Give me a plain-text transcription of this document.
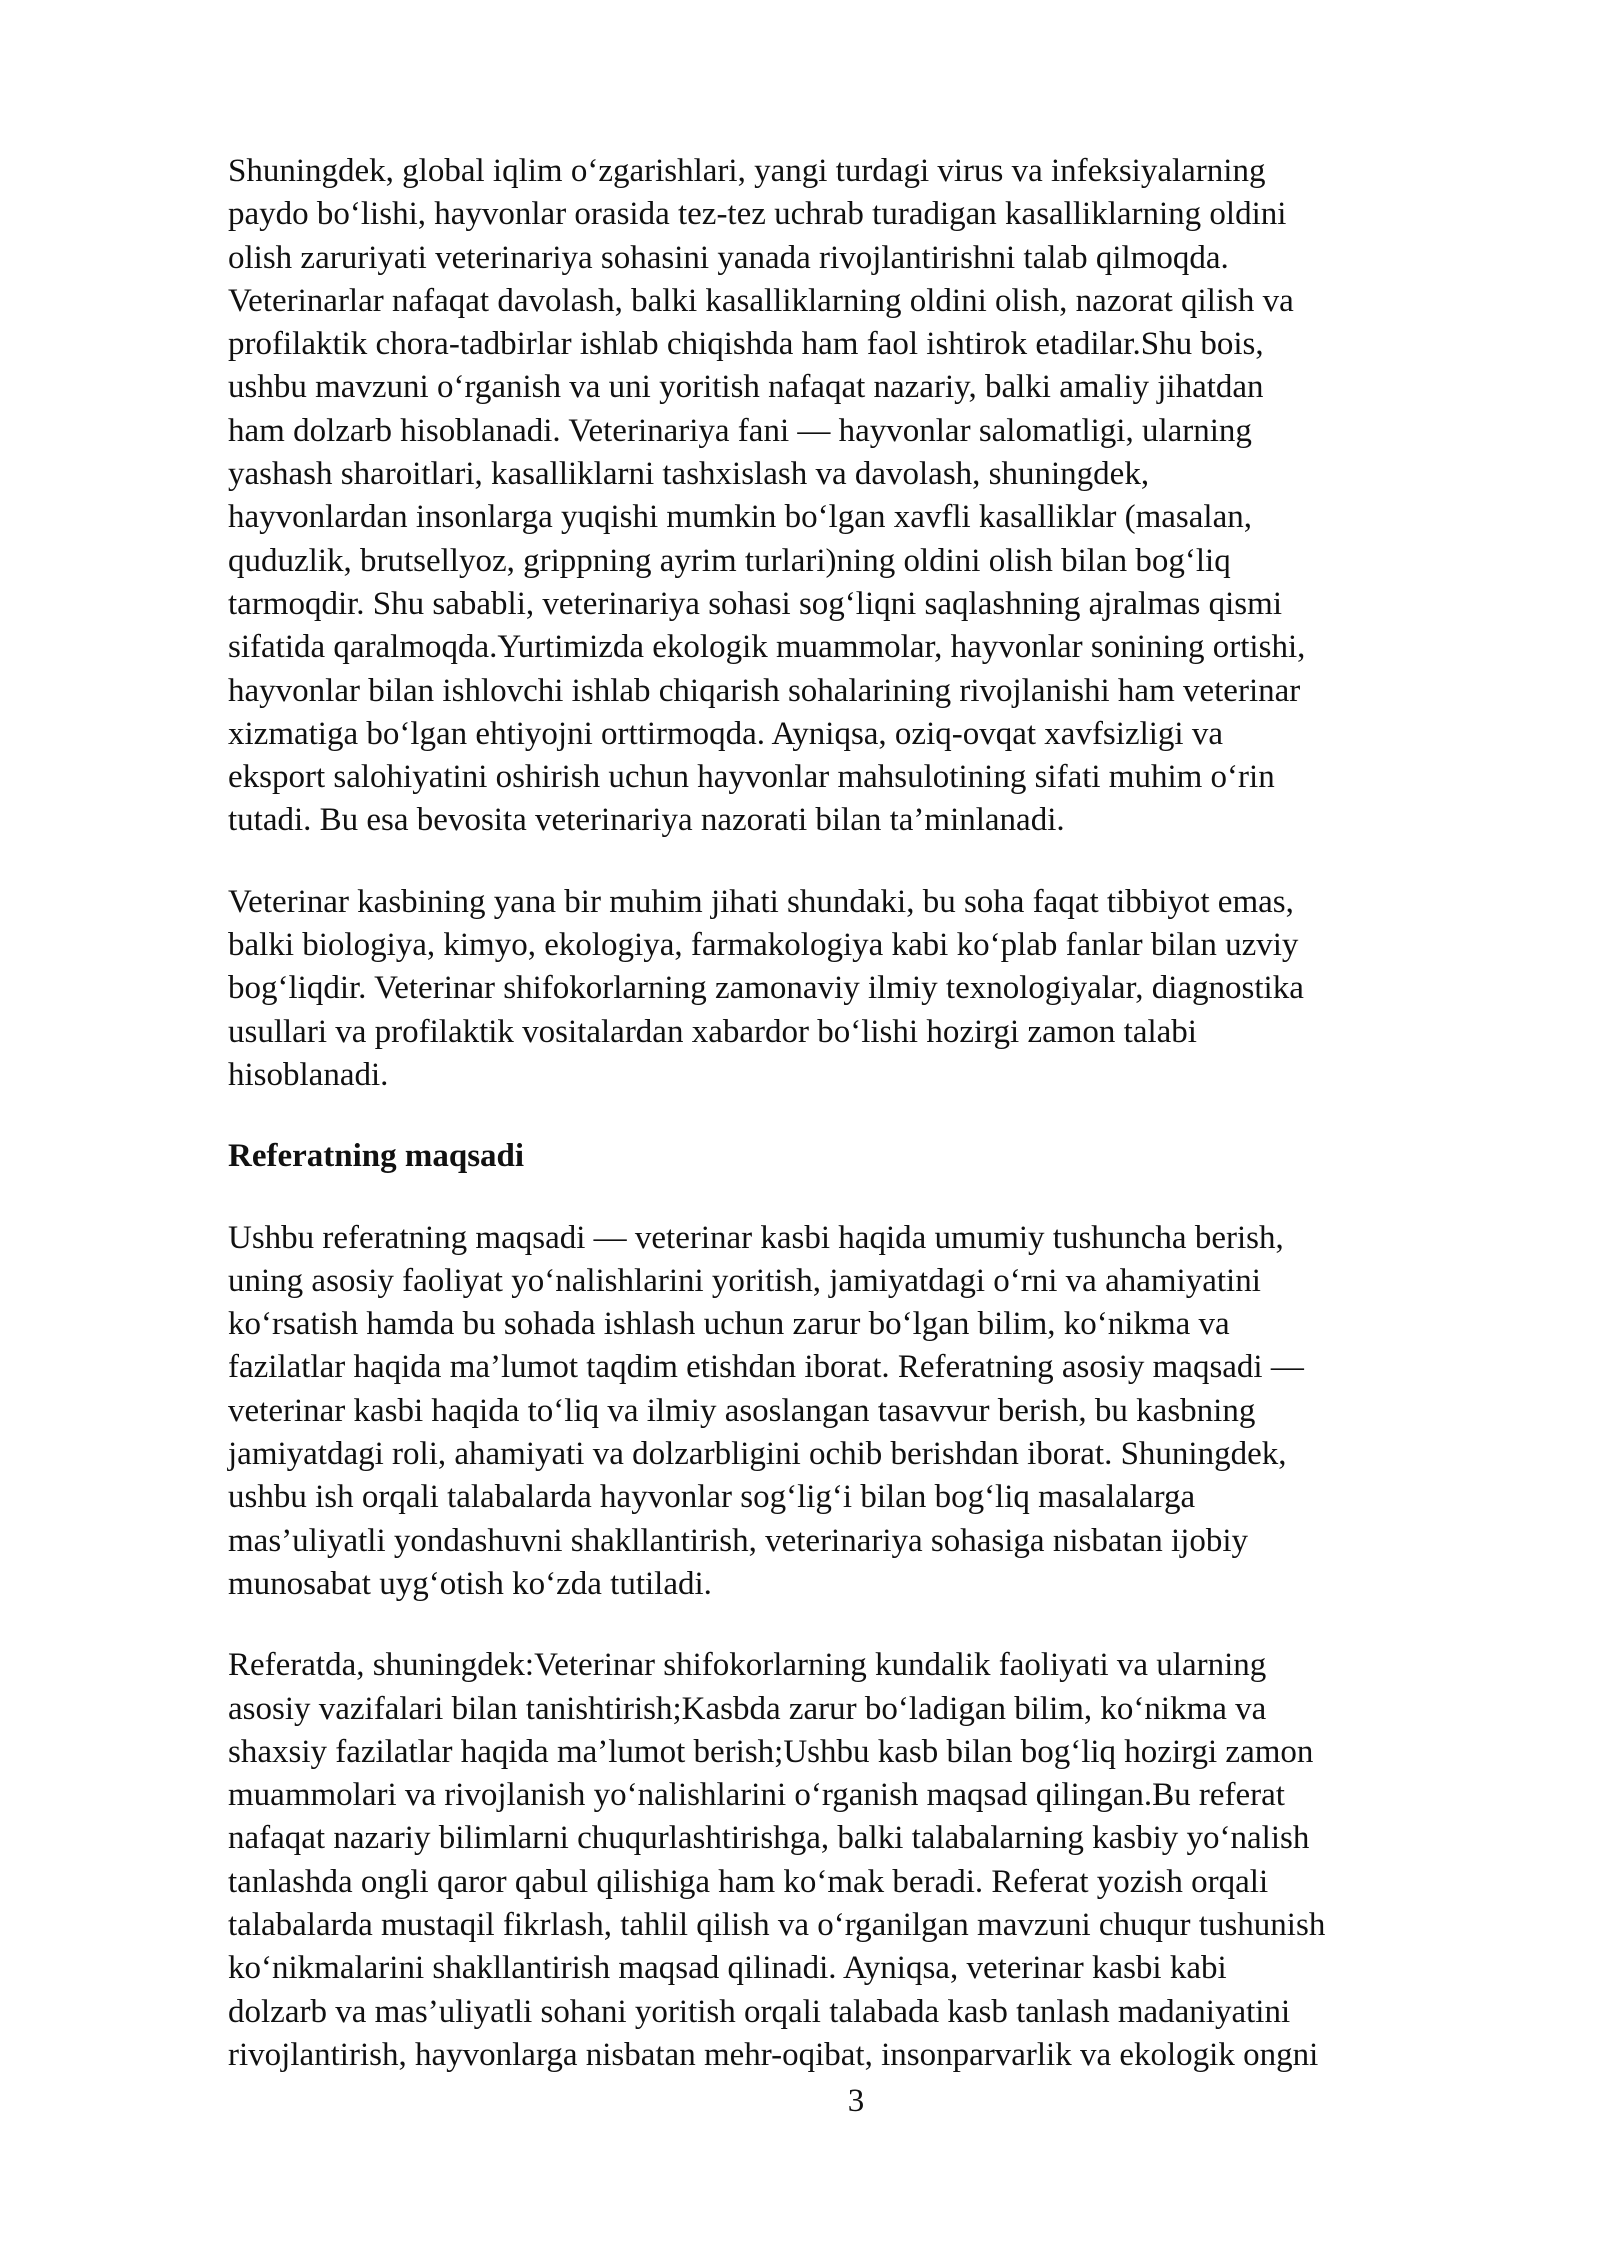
Shuningdek, global iqlim o‘zgarishlari, yangi turdagi virus va infeksiyalarning
paydo bo‘lishi, hayvonlar orasida tez-tez uchrab turadigan kasalliklarning oldini
olish zaruriyati veterinariya sohasini yanada rivojlantirishni talab qilmoqda.
Veterinarlar nafaqat davolash, balki kasalliklarning oldini olish, nazorat qilish va
profilaktik chora-tadbirlar ishlab chiqishda ham faol ishtirok etadilar.Shu bois,
ushbu mavzuni o‘rganish va uni yoritish nafaqat nazariy, balki amaliy jihatdan
ham dolzarb hisoblanadi. Veterinariya fani — hayvonlar salomatligi, ularning
yashash sharoitlari, kasalliklarni tashxislash va davolash, shuningdek,
hayvonlardan insonlarga yuqishi mumkin bo‘lgan xavfli kasalliklar (masalan,
quduzlik, brutsellyoz, grippning ayrim turlari)ning oldini olish bilan bog‘liq
tarmoqdir. Shu sababli, veterinariya sohasi sog‘liqni saqlashning ajralmas qismi
sifatida qaralmoqda.Yurtimizda ekologik muammolar, hayvonlar sonining ortishi,
hayvonlar bilan ishlovchi ishlab chiqarish sohalarining rivojlanishi ham veterinar
xizmatiga bo‘lgan ehtiyojni orttirmoqda. Ayniqsa, oziq-ovqat xavfsizligi va
eksport salohiyatini oshirish uchun hayvonlar mahsulotining sifati muhim o‘rin
tutadi. Bu esa bevosita veterinariya nazorati bilan ta’minlanadi.

Veterinar kasbining yana bir muhim jihati shundaki, bu soha faqat tibbiyot emas,
balki biologiya, kimyo, ekologiya, farmakologiya kabi ko‘plab fanlar bilan uzviy
bog‘liqdir. Veterinar shifokorlarning zamonaviy ilmiy texnologiyalar, diagnostika
usullari va profilaktik vositalardan xabardor bo‘lishi hozirgi zamon talabi
hisoblanadi.

Referatning maqsadi

Ushbu referatning maqsadi — veterinar kasbi haqida umumiy tushuncha berish,
uning asosiy faoliyat yo‘nalishlarini yoritish, jamiyatdagi o‘rni va ahamiyatini
ko‘rsatish hamda bu sohada ishlash uchun zarur bo‘lgan bilim, ko‘nikma va
fazilatlar haqida ma’lumot taqdim etishdan iborat. Referatning asosiy maqsadi —
veterinar kasbi haqida to‘liq va ilmiy asoslangan tasavvur berish, bu kasbning
jamiyatdagi roli, ahamiyati va dolzarbligini ochib berishdan iborat. Shuningdek,
ushbu ish orqali talabalarda hayvonlar sog‘lig‘i bilan bog‘liq masalalarga
mas’uliyatli yondashuvni shakllantirish, veterinariya sohasiga nisbatan ijobiy
munosabat uyg‘otish ko‘zda tutiladi.

Referatda, shuningdek:Veterinar shifokorlarning kundalik faoliyati va ularning
asosiy vazifalari bilan tanishtirish;Kasbda zarur bo‘ladigan bilim, ko‘nikma va
shaxsiy fazilatlar haqida ma’lumot berish;Ushbu kasb bilan bog‘liq hozirgi zamon
muammolari va rivojlanish yo‘nalishlarini o‘rganish maqsad qilingan.Bu referat
nafaqat nazariy bilimlarni chuqurlashtirishga, balki talabalarning kasbiy yo‘nalish
tanlashda ongli qaror qabul qilishiga ham ko‘mak beradi. Referat yozish orqali
talabalarda mustaqil fikrlash, tahlil qilish va o‘rganilgan mavzuni chuqur tushunish
ko‘nikmalarini shakllantirish maqsad qilinadi. Ayniqsa, veterinar kasbi kabi
dolzarb va mas’uliyatli sohani yoritish orqali talabada kasb tanlash madaniyatini
rivojlantirish, hayvonlarga nisbatan mehr-oqibat, insonparvarlik va ekologik ongni

3
